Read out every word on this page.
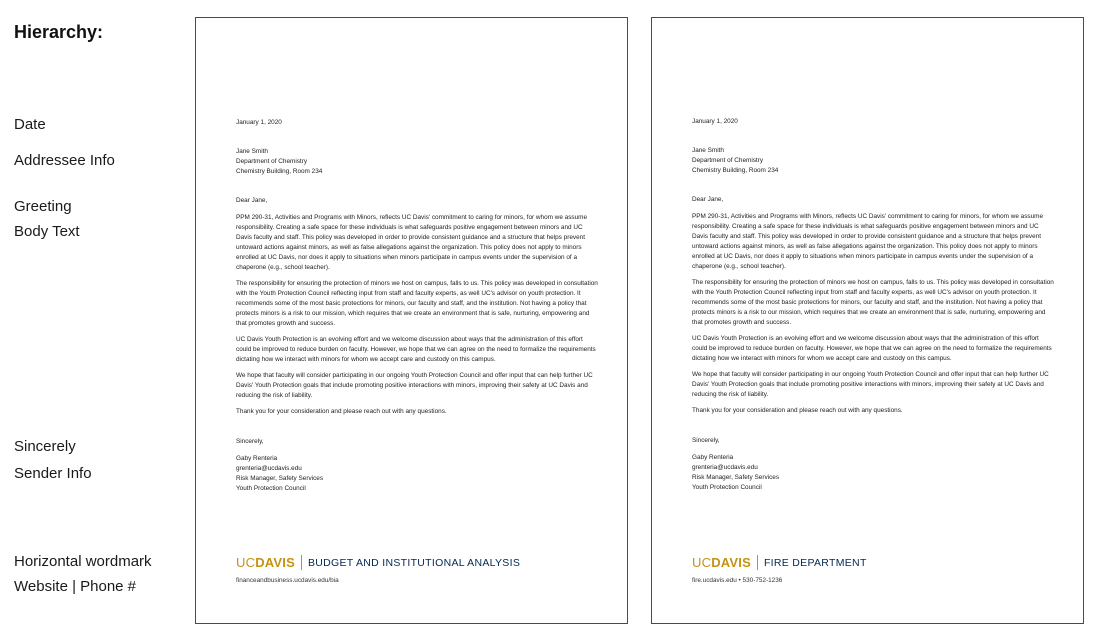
Hierarchy:
Date
Addressee Info
Greeting
Body Text
Sincerely
Sender Info
Horizontal wordmark
Website | Phone #
January 1, 2020
Jane Smith
Department of Chemistry
Chemistry Building, Room 234
Dear Jane,

PPM 290-31, Activities and Programs with Minors, reflects UC Davis' commitment to caring for minors, for whom we assume responsibility. Creating a safe space for these individuals is what safeguards positive engagement between minors and UC Davis faculty and staff. This policy was developed in order to provide consistent guidance and a structure that helps prevent untoward actions against minors, as well as false allegations against the organization. This policy does not apply to minors enrolled at UC Davis, nor does it apply to situations when minors participate in campus events under the supervision of a chaperone (e.g., school teacher).

The responsibility for ensuring the protection of minors we host on campus, falls to us. This policy was developed in consultation with the Youth Protection Council reflecting input from staff and faculty experts, as well UC's advisor on youth protection. It recommends some of the most basic protections for minors, our faculty and staff, and the institution. Not having a policy that protects minors is a risk to our mission, which requires that we create an environment that is safe, nurturing, empowering and that promotes growth and success.

UC Davis Youth Protection is an evolving effort and we welcome discussion about ways that the administration of this effort could be improved to reduce burden on faculty. However, we hope that we can agree on the need to formalize the requirements dictating how we interact with minors for whom we accept care and custody on this campus.

We hope that faculty will consider participating in our ongoing Youth Protection Council and offer input that can help further UC Davis' Youth Protection goals that include promoting positive interactions with minors, improving their safety at UC Davis and reducing the risk of liability.

Thank you for your consideration and please reach out with any questions.

Sincerely,
Gaby Renteria
grenteria@ucdavis.edu
Risk Manager, Safety Services
Youth Protection Council
UCDAVIS BUDGET AND INSTITUTIONAL ANALYSIS
financeandbusiness.ucdavis.edu/bia
January 1, 2020
Jane Smith
Department of Chemistry
Chemistry Building, Room 234
Dear Jane,

PPM 290-31, Activities and Programs with Minors, reflects UC Davis' commitment to caring for minors, for whom we assume responsibility. Creating a safe space for these individuals is what safeguards positive engagement between minors and UC Davis faculty and staff. This policy was developed in order to provide consistent guidance and a structure that helps prevent untoward actions against minors, as well as false allegations against the organization. This policy does not apply to minors enrolled at UC Davis, nor does it apply to situations when minors participate in campus events under the supervision of a chaperone (e.g., school teacher).

The responsibility for ensuring the protection of minors we host on campus, falls to us. This policy was developed in consultation with the Youth Protection Council reflecting input from staff and faculty experts, as well UC's advisor on youth protection. It recommends some of the most basic protections for minors, our faculty and staff, and the institution. Not having a policy that protects minors is a risk to our mission, which requires that we create an environment that is safe, nurturing, empowering and that promotes growth and success.

UC Davis Youth Protection is an evolving effort and we welcome discussion about ways that the administration of this effort could be improved to reduce burden on faculty. However, we hope that we can agree on the need to formalize the requirements dictating how we interact with minors for whom we accept care and custody on this campus.

We hope that faculty will consider participating in our ongoing Youth Protection Council and offer input that can help further UC Davis' Youth Protection goals that include promoting positive interactions with minors, improving their safety at UC Davis and reducing the risk of liability.

Thank you for your consideration and please reach out with any questions.

Sincerely,
Gaby Renteria
grenteria@ucdavis.edu
Risk Manager, Safety Services
Youth Protection Council
UCDAVIS FIRE DEPARTMENT
fire.ucdavis.edu • 530-752-1236
